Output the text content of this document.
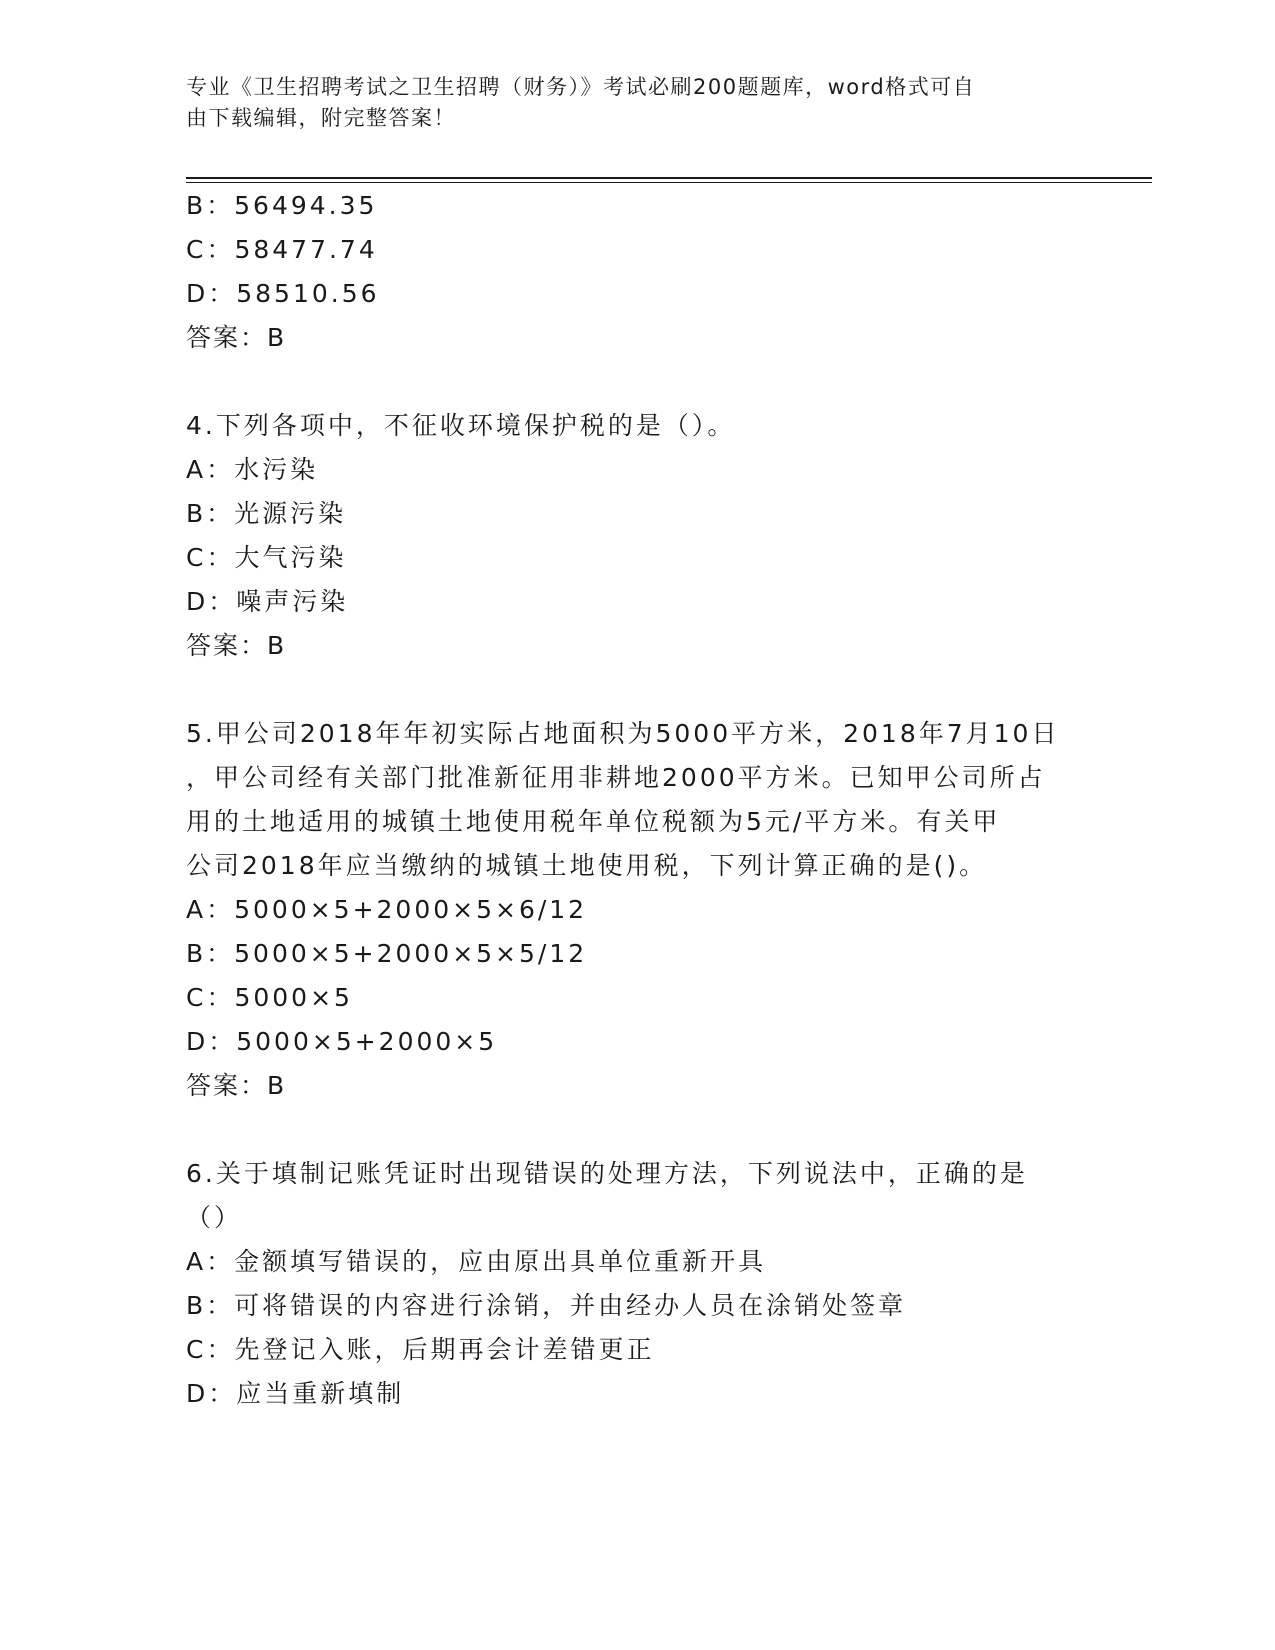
专业《卫生招聘考试之卫生招聘（财务）》考试必刷200题题库，word格式可自
由下载编辑，附完整答案！
B：56494.35
C：58477.74
D：58510.56
答案：B
4.下列各项中，不征收环境保护税的是（）。
A：水污染
B：光源污染
C：大气污染
D：噪声污染
答案：B
5.甲公司2018年年初实际占地面积为5000平方米，2018年7月10日
，甲公司经有关部门批准新征用非耕地2000平方米。已知甲公司所占
用的土地适用的城镇土地使用税年单位税额为5元/平方米。有关甲
公司2018年应当缴纳的城镇土地使用税，下列计算正确的是()。
A：5000×5+2000×5×6/12
B：5000×5+2000×5×5/12
C：5000×5
D：5000×5+2000×5
答案：B
6.关于填制记账凭证时出现错误的处理方法，下列说法中，正确的是
（）
A：金额填写错误的，应由原出具单位重新开具
B：可将错误的内容进行涂销，并由经办人员在涂销处签章
C：先登记入账，后期再会计差错更正
D：应当重新填制
